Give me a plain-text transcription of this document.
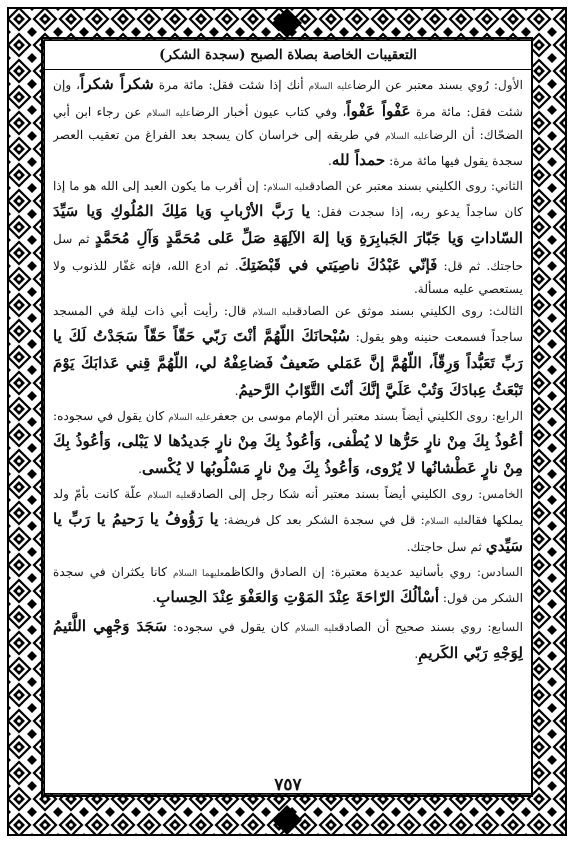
التعقيبات الخاصة بصلاة الصبح (سجدة الشكر)

الأول: رُوي بسند معتبر عن الرضاعليه السلام أنك إذا شئت فقل: مائة مرة شكراً شكراً، وإن شئت فقل: مائة مرة عَفْواً عَفْواً، وفي كتاب عيون أخبار الرضاعليه السلام عن رجاء ابن أبي الضحّاك: أن الرضاعليه السلام في طريقه إلى خراسان كان يسجد بعد الفراغ من تعقيب العصر سجدة يقول فيها مائة مرة: حمداً لله.

الثاني: روى الكليني بسند معتبر عن الصادقعليه السلام: إن أقرب ما يكون العبد إلى الله هو ما إذا كان ساجداً يدعو ربه، إذا سجدت فقل: يا رَبَّ الأرْبابِ وَيا مَلِكَ المُلُوكِ وَيا سَيِّدَ السّاداتِ وَيا جَبّارَ الجَبابِرَةِ وَيا إلهَ الآلِهَةِ صَلِّ عَلى مُحَمَّدٍ وَآلِ مُحَمَّدٍ ثم سل حاجتك. ثم قل: فَإنّي عَبْدُكَ ناصِيَتي في قَبْضَتِكَ. ثم ادع الله، فإنه غفّار للذنوب ولا يستعصي عليه مسألة.

الثالث: روى الكليني بسند موثق عن الصادقعليه السلام قال: رأيت أبي ذات ليلة في المسجد ساجداً فسمعت حنينه وهو يقول: سُبْحانَكَ اللّهُمَّ أنْتَ رَبّي حَقّاً حَقّاً سَجَدْتُ لَكَ يا رَبِّ تَعَبُّداً وَرِقّاً، اللّهُمَّ إنَّ عَمَلي ضَعيفٌ فَضاعِفْهُ لي، اللّهُمَّ قِني عَذابَكَ يَوْمَ تَبْعَثُ عِبادَكَ وَتُبْ عَلَيَّ إنَّكَ أنْتَ التَّوّابُ الرَّحيمُ.

الرابع: روى الكليني أيضاً بسند معتبر أن الإمام موسى بن جعفرعليه السلام كان يقول في سجوده: أعُوذُ بِكَ مِنْ نارٍ حَرُّها لا يُطْفى، وَأعُوذُ بِكَ مِنْ نارٍ جَديدُها لا يَبْلى، وَأعُوذُ بِكَ مِنْ نارٍ عَطْشانُها لا يُرْوى، وَأعُوذُ بِكَ مِنْ نارٍ مَسْلُوبُها لا يُكْسى.

الخامس: روى الكليني أيضاً بسند معتبر أنه شكا رجل إلى الصادقعليه السلام علّة كانت بأمّ ولد يملكها فقالعليه السلام: قل في سجدة الشكر بعد كل فريضة: يا رَؤُوفُ يا رَحيمُ يا رَبِّ يا سَيِّدي ثم سل حاجتك.

السادس: روي بأسانيد عديدة معتبرة: إن الصادق والكاظمعليهما السلام كانا يكثران في سجدة الشكر من قول: أسْألُكَ الرّاحَةَ عِنْدَ المَوْتِ وَالعَفْوَ عِنْدَ الحِسابِ.

السابع: روي بسند صحيح أن الصادقعليه السلام كان يقول في سجوده: سَجَدَ وَجْهِي اللَّئيمُ لِوَجْهِ رَبّي الكَريمِ.

٧٥٧
